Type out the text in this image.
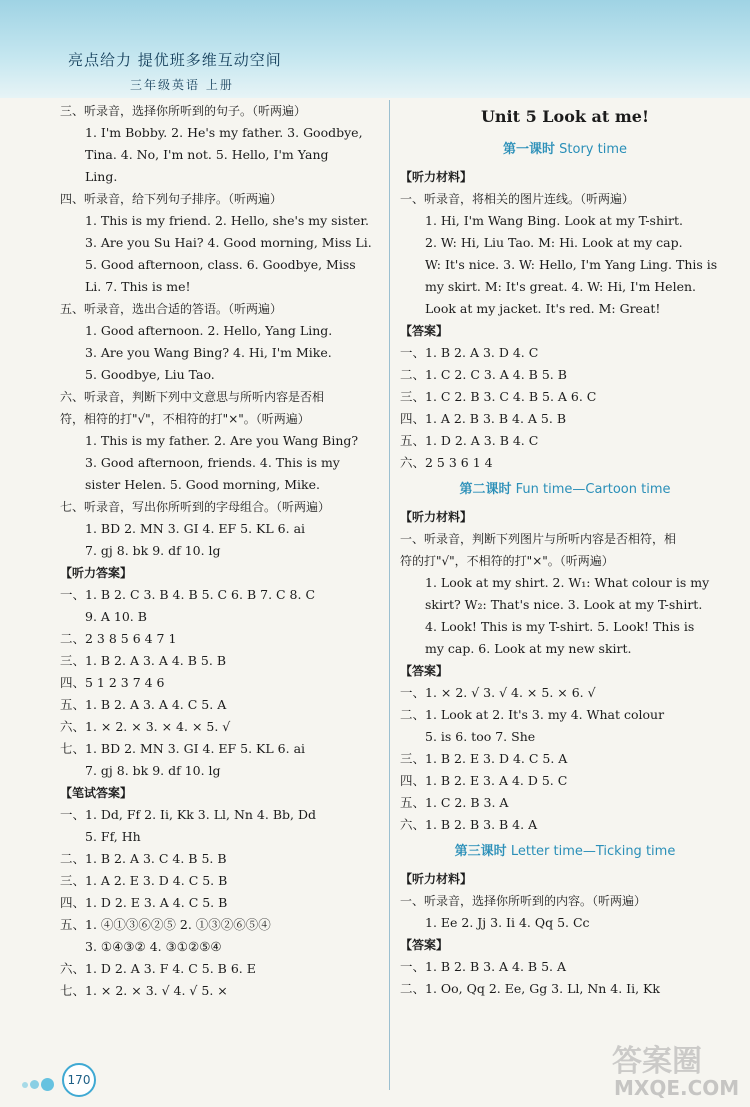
亮点给力 提优班多维互动空间
三年级英语 上册
三、听录音，选择你所听到的句子。（听两遍）
1. I'm Bobby. 2. He's my father. 3. Goodbye,
Tina. 4. No, I'm not. 5. Hello, I'm Yang
Ling.
四、听录音，给下列句子排序。（听两遍）
1. This is my friend. 2. Hello, she's my sister.
3. Are you Su Hai? 4. Good morning, Miss Li.
5. Good afternoon, class. 6. Goodbye, Miss
Li. 7. This is me!
五、听录音，选出合适的答语。（听两遍）
1. Good afternoon. 2. Hello, Yang Ling.
3. Are you Wang Bing? 4. Hi, I'm Mike.
5. Goodbye, Liu Tao.
六、听录音，判断下列中文意思与所听内容是否相
符，相符的打"√"，不相符的打"×"。（听两遍）
1. This is my father. 2. Are you Wang Bing?
3. Good afternoon, friends. 4. This is my
sister Helen. 5. Good morning, Mike.
七、听录音，写出你所听到的字母组合。（听两遍）
1. BD 2. MN 3. GI 4. EF 5. KL 6. ai
7. gj 8. bk 9. df 10. lg
【听力答案】
一、1. B 2. C 3. B 4. B 5. C 6. B 7. C 8. C
9. A 10. B
二、2 3 8 5 6 4 7 1
三、1. B 2. A 3. A 4. B 5. B
四、5 1 2 3 7 4 6
五、1. B 2. A 3. A 4. C 5. A
六、1. × 2. × 3. × 4. × 5. √
七、1. BD 2. MN 3. GI 4. EF 5. KL 6. ai
7. gj 8. bk 9. df 10. lg
【笔试答案】
一、1. Dd, Ff 2. Ii, Kk 3. Ll, Nn 4. Bb, Dd
5. Ff, Hh
二、1. B 2. A 3. C 4. B 5. B
三、1. A 2. E 3. D 4. C 5. B
四、1. D 2. E 3. A 4. C 5. B
五、1. ④①③⑥②⑤ 2. ①③②⑥⑤④
3. ①④③② 4. ③①②⑤④
六、1. D 2. A 3. F 4. C 5. B 6. E
七、1. × 2. × 3. √ 4. √ 5. ×
Unit 5 Look at me!
第一课时 Story time
【听力材料】
一、听录音，将相关的图片连线。（听两遍）
1. Hi, I'm Wang Bing. Look at my T-shirt.
2. W: Hi, Liu Tao. M: Hi. Look at my cap.
W: It's nice. 3. W: Hello, I'm Yang Ling. This is
my skirt. M: It's great. 4. W: Hi, I'm Helen.
Look at my jacket. It's red. M: Great!
【答案】
一、1. B 2. A 3. D 4. C
二、1. C 2. C 3. A 4. B 5. B
三、1. C 2. B 3. C 4. B 5. A 6. C
四、1. A 2. B 3. B 4. A 5. B
五、1. D 2. A 3. B 4. C
六、2 5 3 6 1 4
第二课时 Fun time—Cartoon time
【听力材料】
一、听录音，判断下列图片与所听内容是否相符，相
符的打"√"，不相符的打"×"。（听两遍）
1. Look at my shirt. 2. W₁: What colour is my
skirt? W₂: That's nice. 3. Look at my T-shirt.
4. Look! This is my T-shirt. 5. Look! This is
my cap. 6. Look at my new skirt.
【答案】
一、1. × 2. √ 3. √ 4. × 5. × 6. √
二、1. Look at 2. It's 3. my 4. What colour
5. is 6. too 7. She
三、1. B 2. E 3. D 4. C 5. A
四、1. B 2. E 3. A 4. D 5. C
五、1. C 2. B 3. A
六、1. B 2. B 3. B 4. A
第三课时 Letter time—Ticking time
【听力材料】
一、听录音，选择你所听到的内容。（听两遍）
1. Ee 2. Jj 3. Ii 4. Qq 5. Cc
【答案】
一、1. B 2. B 3. A 4. B 5. A
二、1. Oo, Qq 2. Ee, Gg 3. Ll, Nn 4. Ii, Kk
170
答案圈
MXQE.COM
